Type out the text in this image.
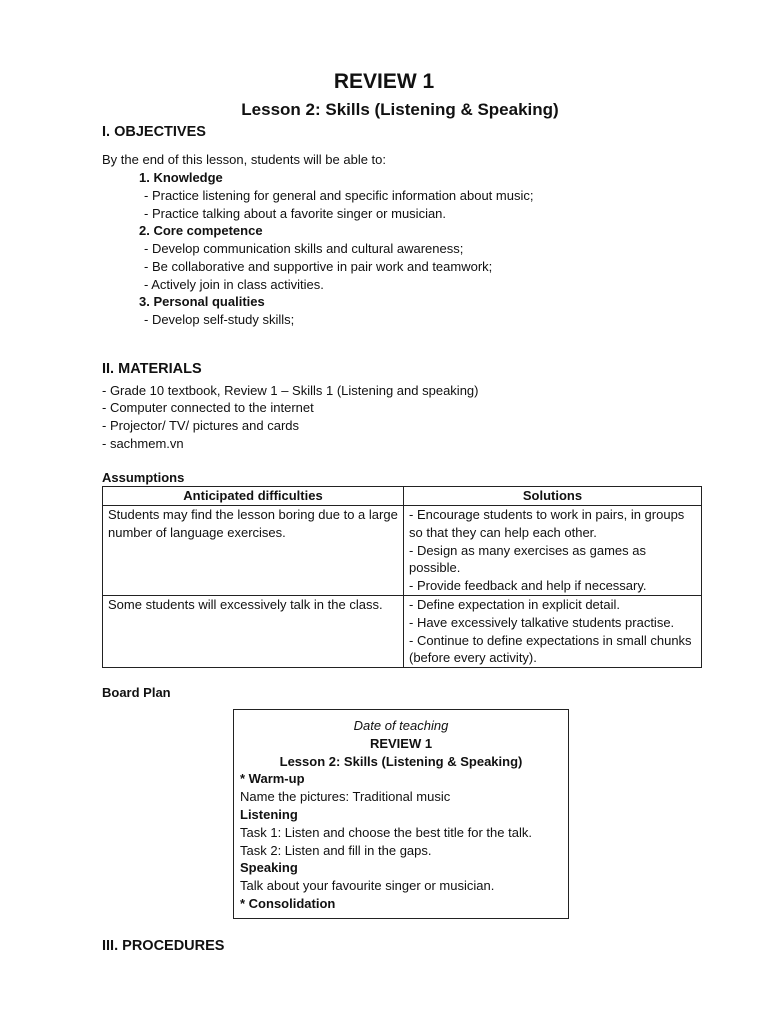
REVIEW 1
Lesson 2: Skills (Listening & Speaking)
I. OBJECTIVES
By the end of this lesson, students will be able to:
1. Knowledge
- Practice listening for general and specific information about music;
- Practice talking about a favorite singer or musician.
2. Core competence
- Develop communication skills and cultural awareness;
- Be collaborative and supportive in pair work and teamwork;
- Actively join in class activities.
3. Personal qualities
- Develop self-study skills;
II. MATERIALS
- Grade 10 textbook, Review 1 – Skills 1 (Listening and speaking)
- Computer connected to the internet
- Projector/ TV/ pictures and cards
- sachmem.vn
Assumptions
Anticipated difficulties	Solutions
Students may find the lesson boring due to a large number of language exercises.	- Encourage students to work in pairs, in groups so that they can help each other.
- Design as many exercises as games as possible.
- Provide feedback and help if necessary.

Some students will excessively talk in the class.	- Define expectation in explicit detail.
- Have excessively talkative students practise.
- Continue to define expectations in small chunks (before every activity).
Board Plan
Date of teaching
REVIEW 1
Lesson 2: Skills (Listening & Speaking)
* Warm-up
Name the pictures: Traditional music
Listening
Task 1: Listen and choose the best title for the talk.
Task 2: Listen and fill in the gaps.
Speaking
Talk about your favourite singer or musician.
* Consolidation
III. PROCEDURES
